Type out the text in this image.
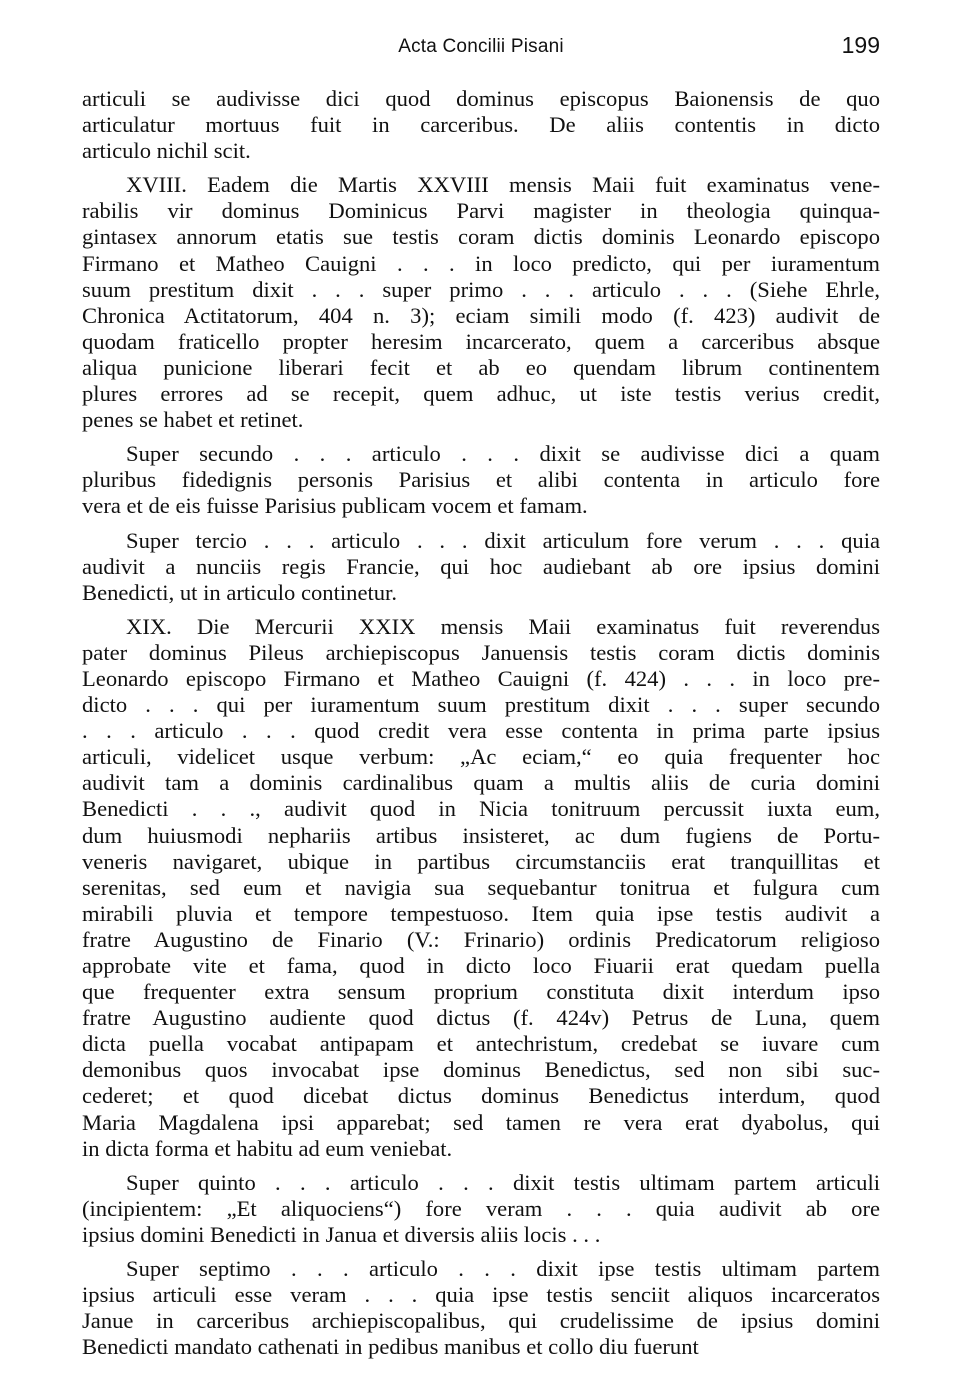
Acta Concilii Pisani	199
articuli se audivisse dici quod dominus episcopus Baionensis de quo
articulatur mortuus fuit in carceribus. De aliis contentis in dicto
articulo nichil scit.
XVIII. Eadem die Martis XXVIII mensis Maii fuit examinatus vene-
rabilis vir dominus Dominicus Parvi magister in theologia quinqua-
gintasex annorum etatis sue testis coram dictis dominis Leonardo episcopo
Firmano et Matheo Cauigni . . . in loco predicto, qui per iuramentum
suum prestitum dixit . . . super primo . . . articulo . . . (Siehe Ehrle,
Chronica Actitatorum, 404 n. 3); eciam simili modo (f. 423) audivit de
quodam fraticello propter heresim incarcerato, quem a carceribus absque
aliqua punicione liberari fecit et ab eo quendam librum continentem
plures errores ad se recepit, quem adhuc, ut iste testis verius credit,
penes se habet et retinet.
Super secundo . . . articulo . . . dixit se audivisse dici a quam
pluribus fidedignis personis Parisius et alibi contenta in articulo fore
vera et de eis fuisse Parisius publicam vocem et famam.
Super tercio . . . articulo . . . dixit articulum fore verum . . . quia
audivit a nunciis regis Francie, qui hoc audiebant ab ore ipsius domini
Benedicti, ut in articulo continetur.
XIX. Die Mercurii XXIX mensis Maii examinatus fuit reverendus
pater dominus Pileus archiepiscopus Januensis testis coram dictis dominis
Leonardo episcopo Firmano et Matheo Cauigni (f. 424) . . . in loco pre-
dicto . . . qui per iuramentum suum prestitum dixit . . . super secundo
. . . articulo . . . quod credit vera esse contenta in prima parte ipsius
articuli, videlicet usque verbum: „Ac eciam,“ eo quia frequenter hoc
audivit tam a dominis cardinalibus quam a multis aliis de curia domini
Benedicti . . ., audivit quod in Nicia tonitruum percussit iuxta eum,
dum huiusmodi nephariis artibus insisteret, ac dum fugiens de Portu-
veneris navigaret, ubique in partibus circumstanciis erat tranquillitas et
serenitas, sed eum et navigia sua sequebantur tonitrua et fulgura cum
mirabili pluvia et tempore tempestuoso. Item quia ipse testis audivit a
fratre Augustino de Finario (V.: Frinario) ordinis Predicatorum religioso
approbate vite et fama, quod in dicto loco Fiuarii erat quedam puella
que frequenter extra sensum proprium constituta dixit interdum ipso
fratre Augustino audiente quod dictus (f. 424v) Petrus de Luna, quem
dicta puella vocabat antipapam et antechristum, credebat se iuvare cum
demonibus quos invocabat ipse dominus Benedictus, sed non sibi suc-
cederet; et quod dicebat dictus dominus Benedictus interdum, quod
Maria Magdalena ipsi apparebat; sed tamen re vera erat dyabolus, qui
in dicta forma et habitu ad eum veniebat.
Super quinto . . . articulo . . . dixit testis ultimam partem articuli
(incipientem: „Et aliquociens“) fore veram . . . quia audivit ab ore
ipsius domini Benedicti in Janua et diversis aliis locis . . .
Super septimo . . . articulo . . . dixit ipse testis ultimam partem
ipsius articuli esse veram . . . quia ipse testis senciit aliquos incarceratos
Janue in carceribus archiepiscopalibus, qui crudelissime de ipsius domini
Benedicti mandato cathenati in pedibus manibus et collo diu fuerunt
